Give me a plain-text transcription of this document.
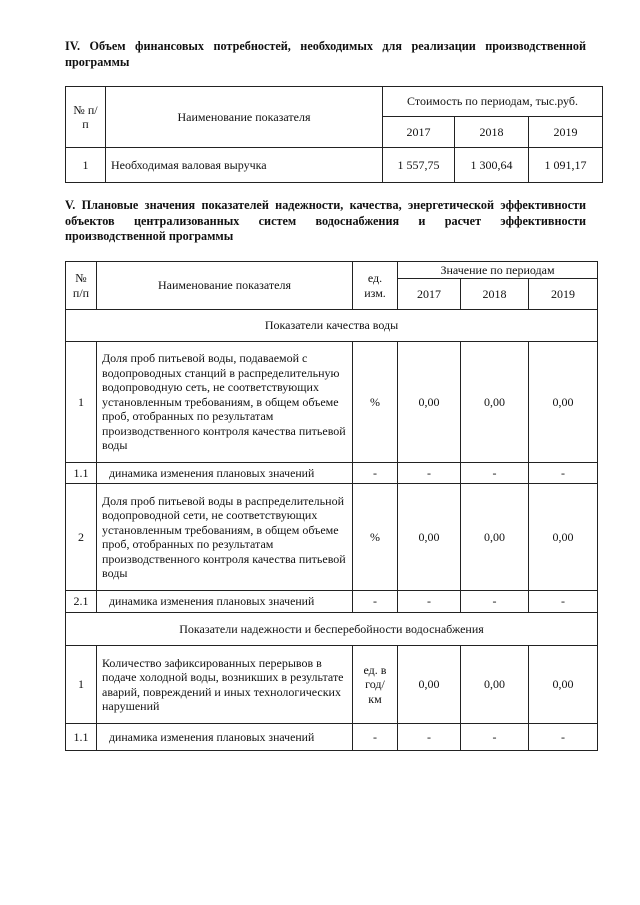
IV. Объем финансовых потребностей, необходимых для реализации производственной программы
№ п/п	Наименование показателя	Стоимость по периодам, тыс.руб.		
		2017	2018	2019
1	Необходимая валовая выручка	1 557,75	1 300,64	1 091,17
V. Плановые значения показателей надежности, качества, энергетической эффективности объектов централизованных систем водоснабжения и расчет эффективности производственной программы
№ п/п	Наименование показателя	ед. изм.	Значение по периодам		
			2017	2018	2019
Показатели качества воды					
1	Доля проб питьевой воды, подаваемой с водопроводных станций в распределительную водопроводную сеть, не соответствующих установленным требованиям, в общем объеме проб, отобранных по результатам производственного контроля качества питьевой воды	%	0,00	0,00	0,00
1.1	динамика изменения плановых значений	-	-	-	-
2	Доля проб питьевой воды в распределительной водопроводной сети, не соответствующих установленным требованиям, в общем объеме проб, отобранных по результатам производственного контроля качества питьевой воды	%	0,00	0,00	0,00
2.1	динамика изменения плановых значений	-	-	-	-
Показатели надежности и бесперебойности водоснабжения					
1	Количество зафиксированных перерывов в подаче холодной воды, возникших в результате аварий, повреждений и иных технологических нарушений	ед. в год/ км	0,00	0,00	0,00
1.1	динамика изменения плановых значений	-	-	-	-
